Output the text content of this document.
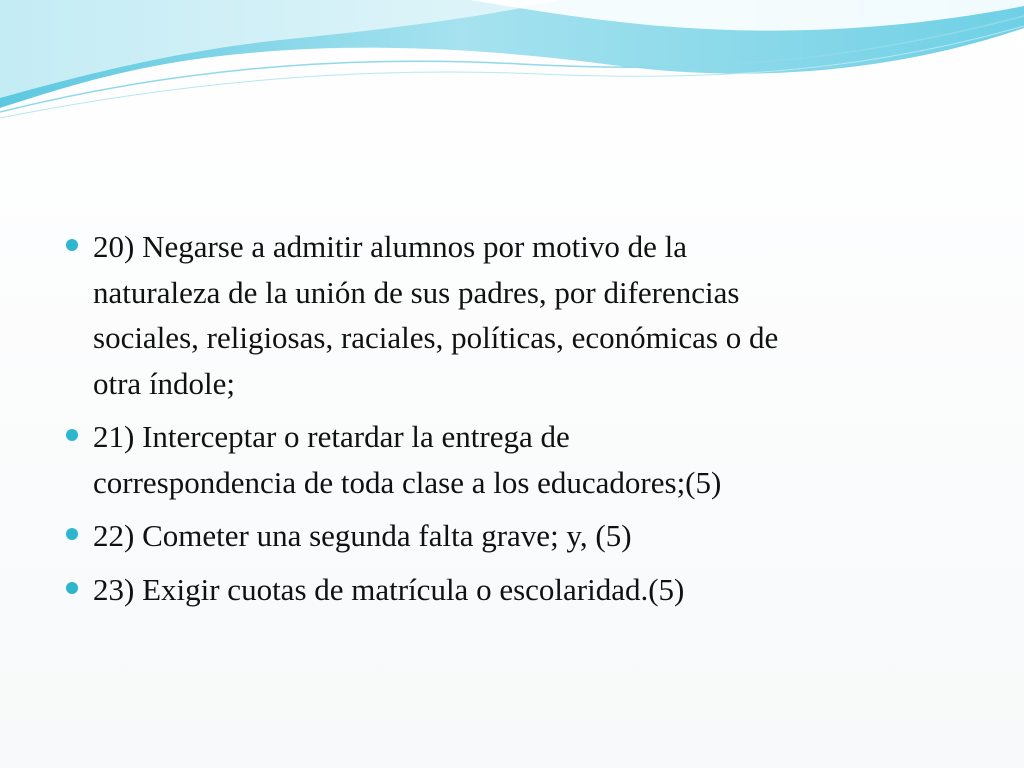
20) Negarse a admitir alumnos por motivo de la
naturaleza de la unión de sus padres, por diferencias
sociales, religiosas, raciales, políticas, económicas o de
otra índole;
21) Interceptar o retardar la entrega de
correspondencia de toda clase a los educadores;(5)
22) Cometer una segunda falta grave; y, (5)
23) Exigir cuotas de matrícula o escolaridad.(5)
